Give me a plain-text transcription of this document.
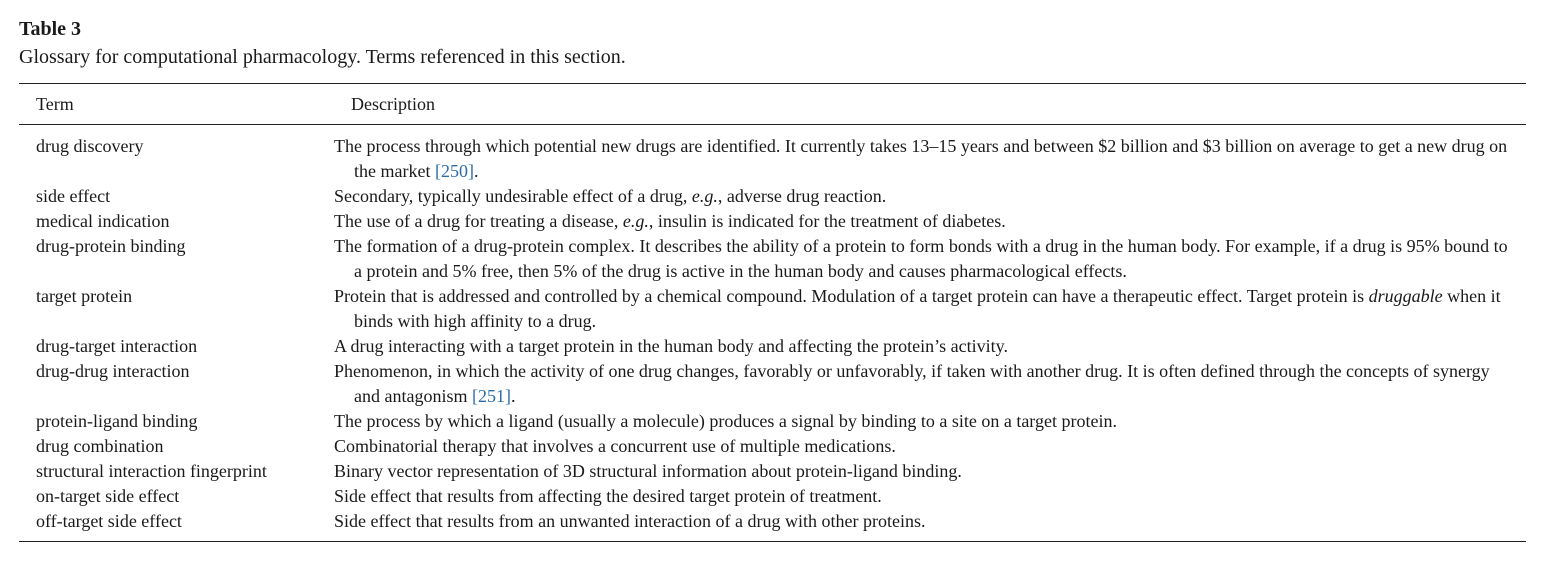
Table 3
Glossary for computational pharmacology. Terms referenced in this section.
Term	Description
drug discovery	The process through which potential new drugs are identified. It currently takes 13–15 years and between $2 billion and $3 billion on average to get a new drug on the market [250].
side effect	Secondary, typically undesirable effect of a drug, e.g., adverse drug reaction.
medical indication	The use of a drug for treating a disease, e.g., insulin is indicated for the treatment of diabetes.
drug-protein binding	The formation of a drug-protein complex. It describes the ability of a protein to form bonds with a drug in the human body. For example, if a drug is 95% bound to a protein and 5% free, then 5% of the drug is active in the human body and causes pharmacological effects.
target protein	Protein that is addressed and controlled by a chemical compound. Modulation of a target protein can have a therapeutic effect. Target protein is druggable when it binds with high affinity to a drug.
drug-target interaction	A drug interacting with a target protein in the human body and affecting the protein’s activity.
drug-drug interaction	Phenomenon, in which the activity of one drug changes, favorably or unfavorably, if taken with another drug. It is often defined through the concepts of synergy and antagonism [251].
protein-ligand binding	The process by which a ligand (usually a molecule) produces a signal by binding to a site on a target protein.
drug combination	Combinatorial therapy that involves a concurrent use of multiple medications.
structural interaction fingerprint	Binary vector representation of 3D structural information about protein-ligand binding.
on-target side effect	Side effect that results from affecting the desired target protein of treatment.
off-target side effect	Side effect that results from an unwanted interaction of a drug with other proteins.
